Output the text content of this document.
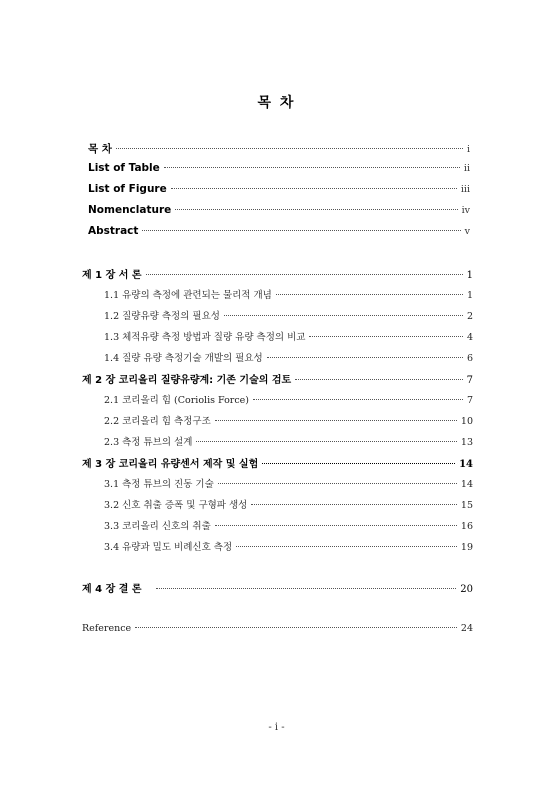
목 차
목 차	i
List of Table	ii
List of Figure	iii
Nomenclature	iv
Abstract	v
제 1 장 서 론	1
1.1 유량의 측정에 관련되는 물리적 개념	1
1.2 질량유량 측정의 필요성	2
1.3 체적유량 측정 방법과 질량 유량 측정의 비교	4
1.4 질량 유량 측정기술 개발의 필요성	6
제 2 장 코리올리 질량유량계: 기존 기술의 검토	7
2.1 코리올리 힘 (Coriolis Force)	7
2.2 코리올리 힘 측정구조	10
2.3 측정 튜브의 설계	13
제 3 장 코리올리 유량센서 제작 및 실험	14
3.1 측정 튜브의 진동 기술	14
3.2 신호 취출 증폭 및 구형파 생성	15
3.3 코리올리 신호의 취출	16
3.4 유량과 밀도 비례신호 측정	19
제 4 장 결 론	20
Reference	24
- i -
